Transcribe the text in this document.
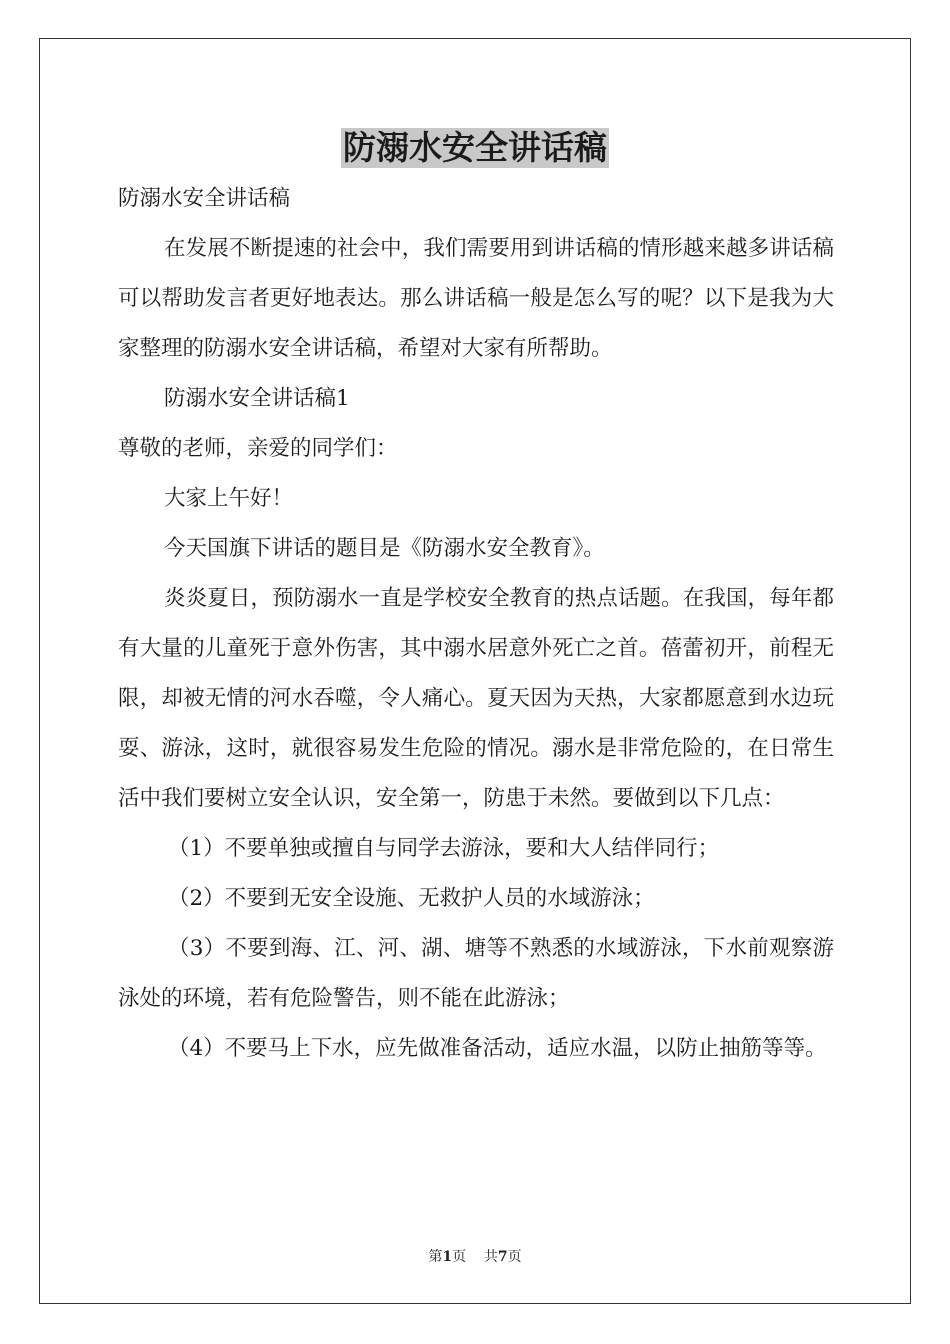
防溺水安全讲话稿

防溺水安全讲话稿

在发展不断提速的社会中，我们需要用到讲话稿的情形越来越多讲话稿可以帮助发言者更好地表达。那么讲话稿一般是怎么写的呢？以下是我为大家整理的防溺水安全讲话稿，希望对大家有所帮助。

防溺水安全讲话稿1

尊敬的老师，亲爱的同学们：

大家上午好！

今天国旗下讲话的题目是《防溺水安全教育》。

炎炎夏日，预防溺水一直是学校安全教育的热点话题。在我国，每年都有大量的儿童死于意外伤害，其中溺水居意外死亡之首。蓓蕾初开，前程无限，却被无情的河水吞噬，令人痛心。夏天因为天热，大家都愿意到水边玩耍、游泳，这时，就很容易发生危险的情况。溺水是非常危险的，在日常生活中我们要树立安全认识，安全第一，防患于未然。要做到以下几点：

（1）不要单独或擅自与同学去游泳，要和大人结伴同行；

（2）不要到无安全设施、无救护人员的水域游泳；

（3）不要到海、江、河、湖、塘等不熟悉的水域游泳，下水前观察游泳处的环境，若有危险警告，则不能在此游泳；

（4）不要马上下水，应先做准备活动，适应水温，以防止抽筋等等。

第1页 共7页
